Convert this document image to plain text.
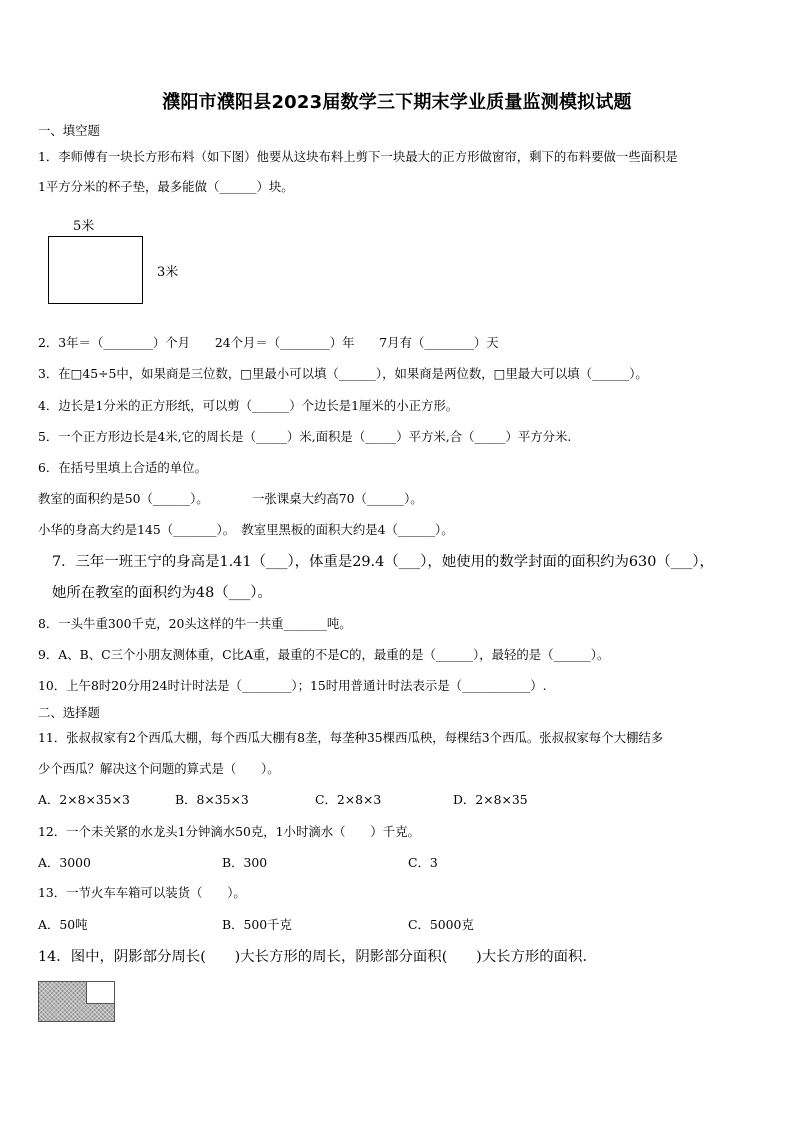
濮阳市濮阳县2023届数学三下期末学业质量监测模拟试题
一、填空题
1．李师傅有一块长方形布料（如下图）他要从这块布料上剪下一块最大的正方形做窗帘，剩下的布料要做一些面积是
1平方分米的杯子垫，最多能做（______）块。
5米
3米
2．3年＝（________）个月　　24个月＝（________）年　　7月有（________）天
3．在□45÷5中，如果商是三位数，□里最小可以填（______），如果商是两位数，□里最大可以填（______）。
4．边长是1分米的正方形纸，可以剪（______）个边长是1厘米的小正方形。
5．一个正方形边长是4米,它的周长是（_____）米,面积是（_____）平方米,合（_____）平方分米.
6．在括号里填上合适的单位。
教室的面积约是50（______）。　　　　一张课桌大约高70（______）。
小华的身高大约是145（_______）。　教室里黑板的面积大约是4（______）。
7．三年一班王宁的身高是1.41（___），体重是29.4（___），她使用的数学封面的面积约为630（___），
她所在教室的面积约为48（___）。
8．一头牛重300千克，20头这样的牛一共重_______吨。
9．A、B、C三个小朋友测体重，C比A重，最重的不是C的，最重的是（______），最轻的是（______）。
10．上午8时20分用24时计时法是（________）；15时用普通计时法表示是（___________）.
二、选择题
11．张叔叔家有2个西瓜大棚，每个西瓜大棚有8垄，每垄种35棵西瓜秧，每棵结3个西瓜。张叔叔家每个大棚结多
少个西瓜？解决这个问题的算式是（　　）。
A．2×8×35×3	B．8×35×3	C．2×8×3	D．2×8×35
12．一个未关紧的水龙头1分钟滴水50克，1小时滴水（　　）千克。
A．3000	B．300	C．3
13．一节火车车箱可以装货（　　）。
A．50吨	B．500千克	C．5000克
14．图中，阴影部分周长(　　)大长方形的周长，阴影部分面积(　　)大长方形的面积．
